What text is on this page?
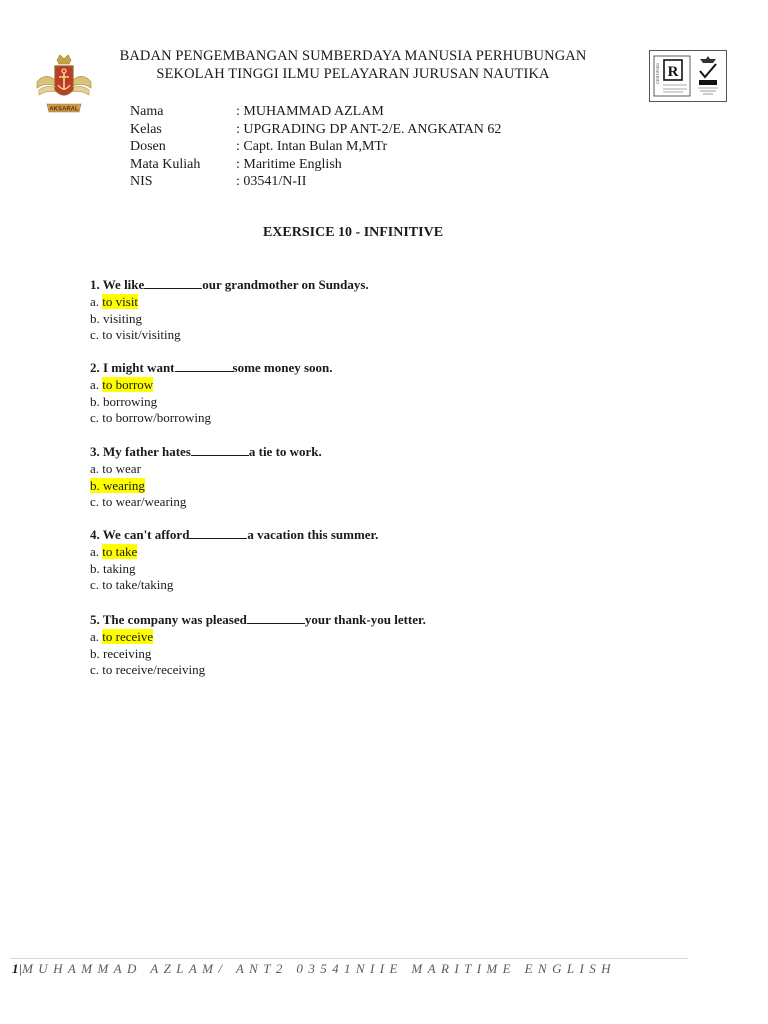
AKSARAL
BADAN PENGEMBANGAN SUMBERDAYA MANUSIA PERHUBUNGAN
SEKOLAH TINGGI ILMU PELAYARAN JURUSAN NAUTIKA	CERTIFIED R
Nama	: MUHAMMAD AZLAM
Kelas	: UPGRADING DP ANT-2/E. ANGKATAN 62
Dosen	: Capt. Intan Bulan M,MTr
Mata Kuliah	: Maritime English
NIS	: 03541/N-II
EXERSICE 10 - INFINITIVE
1. We like	our grandmother on Sundays.
a. to visit
b. visiting
c. to visit/visiting
2. I might want	some money soon.
a. to borrow
b. borrowing
c. to borrow/borrowing
3. My father hates	a tie to work.
a. to wear
b. wearing
c. to wear/wearing
4. We can't afford	a vacation this summer.
a. to take
b. taking
c. to take/taking
5. The company was pleased	your thank-you letter.
a. to receive
b. receiving
c. to receive/receiving
1|MUHAMMAD AZLAM/ ANT2 03541NIIE MARITIME ENGLISH
